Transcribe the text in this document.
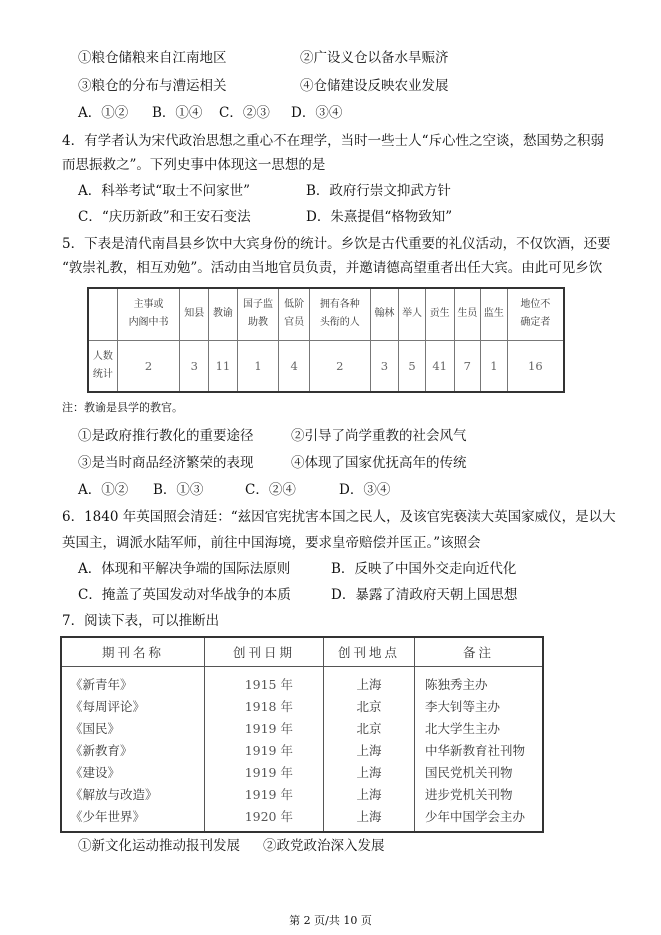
①粮仓储粮来自江南地区	②广设义仓以备水旱赈济
③粮仓的分布与漕运相关	④仓储建设反映农业发展
A．①② B．①④ C．②③ D．③④
4．有学者认为宋代政治思想之重心不在理学，当时一些士人“斥心性之空谈，愁国势之积弱
而思振救之”。下列史事中体现这一思想的是
A．科举考试“取士不问家世”	B．政府行崇文抑武方针
C．“庆历新政”和王安石变法	D．朱熹提倡“格物致知”
5．下表是清代南昌县乡饮中大宾身份的统计。乡饮是古代重要的礼仪活动，不仅饮酒，还要
“敦崇礼教，相互劝勉”。活动由当地官员负责，并邀请德高望重者出任大宾。由此可见乡饮
	主事或
内阁中书	知县	教谕	国子监
助教	低阶
官员	拥有各种
头衔的人	翰林	举人	贡生	生员	监生	地位不
确定者
人数
统计	2	3	11	1	4	2	3	5	41	7	1	16
注：教谕是县学的教官。
①是政府推行教化的重要途径	②引导了尚学重教的社会风气
③是当时商品经济繁荣的表现	④体现了国家优抚高年的传统
A．①② B．①③	C．②④	D．③④
6．1840 年英国照会清廷：“兹因官宪扰害本国之民人，及该官宪亵渎大英国家威仪，是以大
英国主，调派水陆军师，前往中国海境，要求皇帝赔偿并匡正。”该照会
A．体现和平解决争端的国际法原则	B．反映了中国外交走向近代化
C．掩盖了英国发动对华战争的本质	D．暴露了清政府天朝上国思想
7．阅读下表，可以推断出
期刊名称	创刊日期	创刊地点	备注
《新青年》	1915 年	上海	陈独秀主办
《每周评论》	1918 年	北京	李大钊等主办
《国民》	1919 年	北京	北大学生主办
《新教育》	1919 年	上海	中华新教育社刊物
《建设》	1919 年	上海	国民党机关刊物
《解放与改造》	1919 年	上海	进步党机关刊物
《少年世界》	1920 年	上海	少年中国学会主办
①新文化运动推动报刊发展 ②政党政治深入发展
第 2 页/共 10 页
